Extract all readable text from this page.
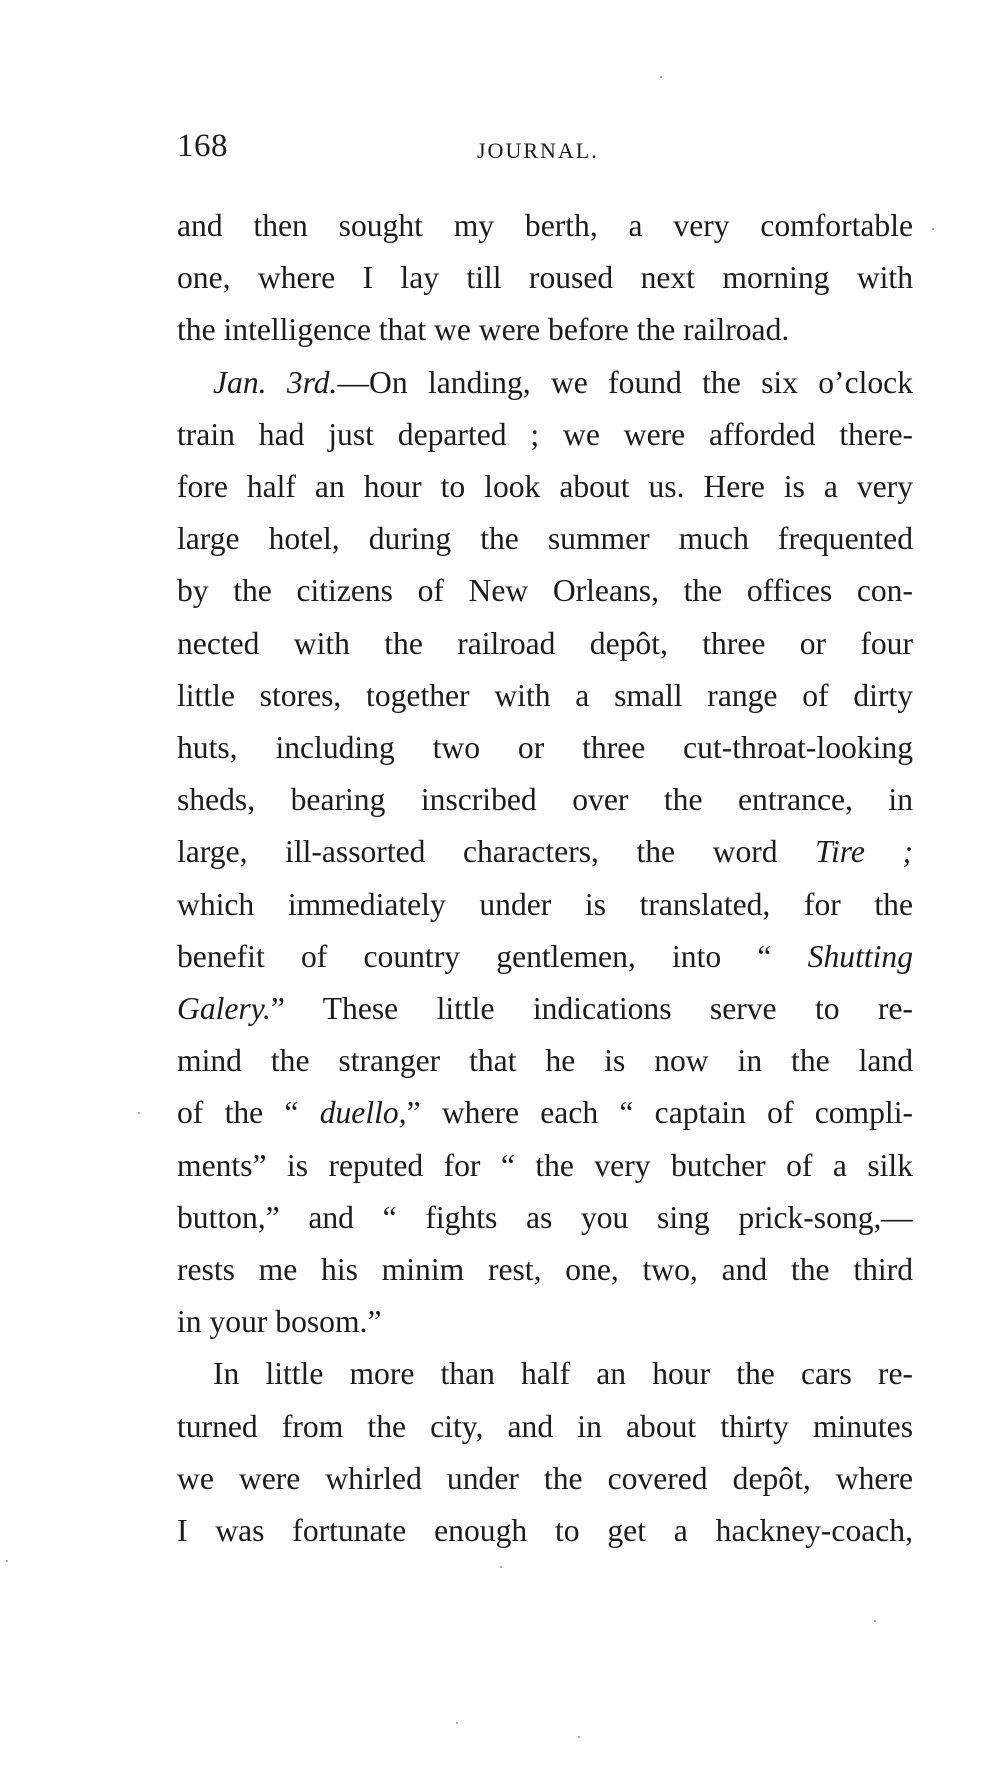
168	JOURNAL.

and then sought my berth, a very comfortable
one, where I lay till roused next morning with
the intelligence that we were before the railroad.

Jan. 3rd.—On landing, we found the six o’clock
train had just departed ; we were afforded there-
fore half an hour to look about us. Here is a very
large hotel, during the summer much frequented
by the citizens of New Orleans, the offices con-
nected with the railroad depôt, three or four
little stores, together with a small range of dirty
huts, including two or three cut-throat-looking
sheds, bearing inscribed over the entrance, in
large, ill-assorted characters, the word Tire ;
which immediately under is translated, for the
benefit of country gentlemen, into “ Shutting
Galery.” These little indications serve to re-
mind the stranger that he is now in the land
of the “ duello,” where each “ captain of compli-
ments” is reputed for “ the very butcher of a silk
button,” and “ fights as you sing prick-song,—
rests me his minim rest, one, two, and the third
in your bosom.”

In little more than half an hour the cars re-
turned from the city, and in about thirty minutes
we were whirled under the covered depôt, where
I was fortunate enough to get a hackney-coach,
